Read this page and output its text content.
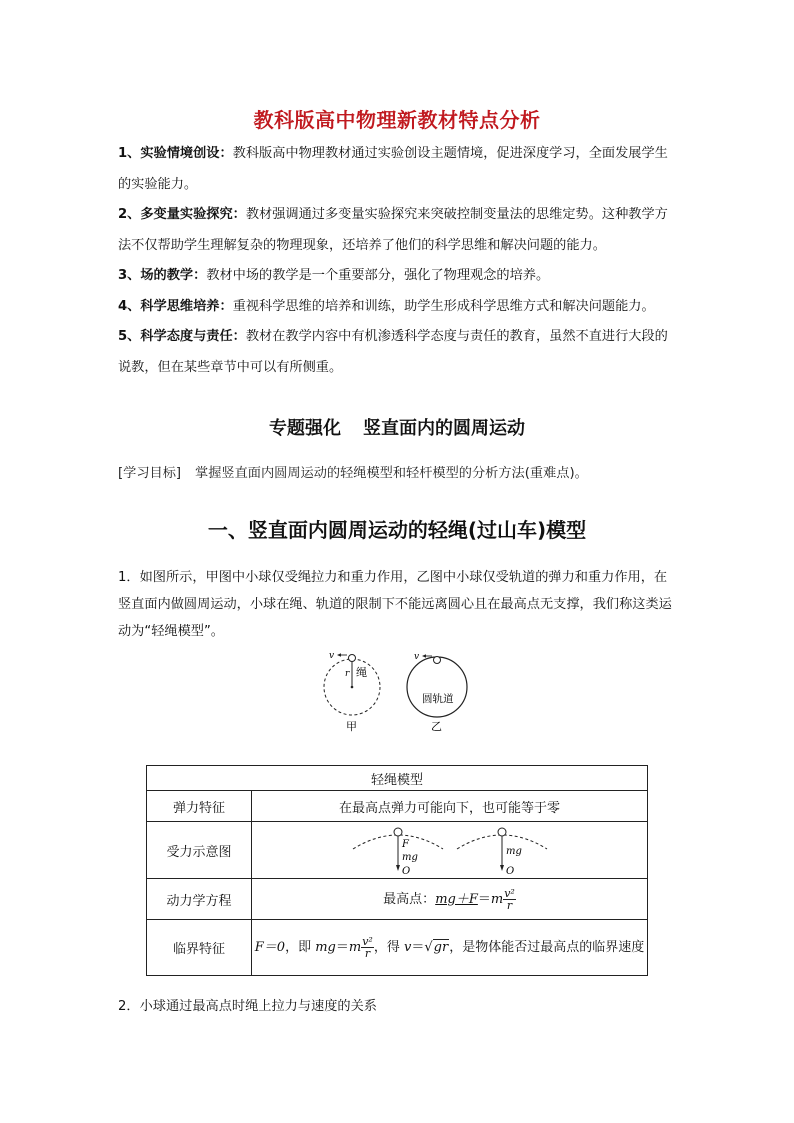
教科版高中物理新教材特点分析
1、实验情境创设：教科版高中物理教材通过实验创设主题情境，促进深度学习，全面发展学生的实验能力。
2、多变量实验探究：教材强调通过多变量实验探究来突破控制变量法的思维定势。这种教学方法不仅帮助学生理解复杂的物理现象，还培养了他们的科学思维和解决问题的能力。
3、场的教学：教材中场的教学是一个重要部分，强化了物理观念的培养。
4、科学思维培养：重视科学思维的培养和训练，助学生形成科学思维方式和解决问题能力。
5、科学态度与责任：教材在教学内容中有机渗透科学态度与责任的教育，虽然不直进行大段的说教，但在某些章节中可以有所侧重。
专题强化 竖直面内的圆周运动
[学习目标] 掌握竖直面内圆周运动的轻绳模型和轻杆模型的分析方法(重难点)。
一、竖直面内圆周运动的轻绳(过山车)模型
1．如图所示，甲图中小球仅受绳拉力和重力作用，乙图中小球仅受轨道的弹力和重力作用，在竖直面内做圆周运动，小球在绳、轨道的限制下不能远离圆心且在最高点无支撑，我们称这类运动为“轻绳模型”。
v
r 绳
甲
v
圆轨道
乙
轻绳模型	
弹力特征	在最高点弹力可能向下，也可能等于零
受力示意图	F
mg
O
mg
O

动力学方程	最高点：$mg+F=m \frac{\text{v²}}{r}$

临界特征	F＝0，即 $mg=m \frac{\text{v²}}{r}$ ，得 v＝√gr，是物体能否过最高点的临界速度
2．小球通过最高点时绳上拉力与速度的关系
